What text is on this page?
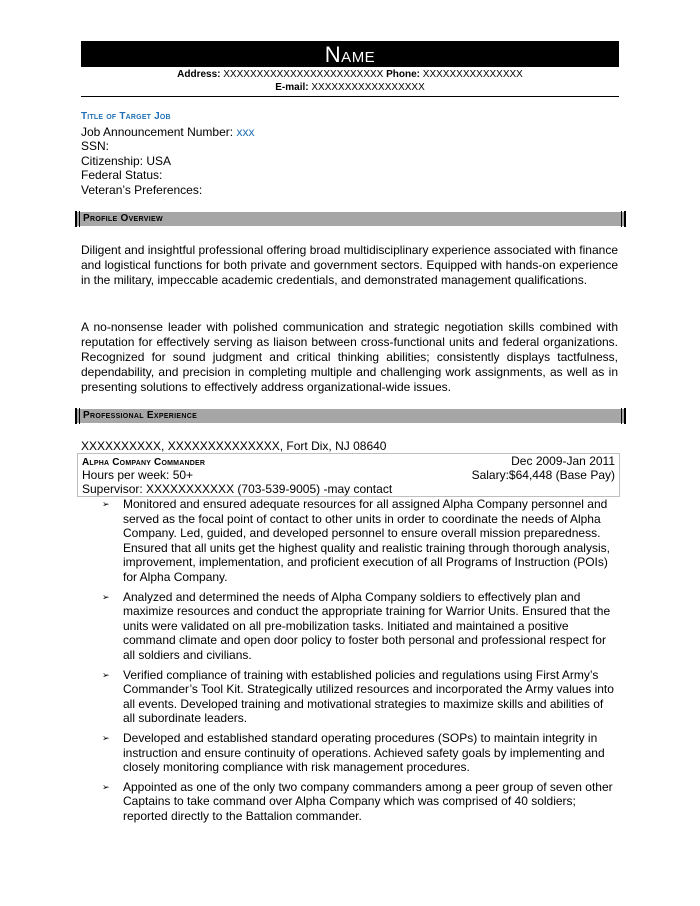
Name
Address: XXXXXXXXXXXXXXXXXXXXXXXX Phone: XXXXXXXXXXXXXXX
E-mail: XXXXXXXXXXXXXXXXX
Title of Target Job
Job Announcement Number: xxx
SSN:
Citizenship: USA
Federal Status:
Veteran’s Preferences:
Profile Overview
Diligent and insightful professional offering broad multidisciplinary experience associated with finance and logistical functions for both private and government sectors. Equipped with hands-on experience in the military, impeccable academic credentials, and demonstrated management qualifications.
A no-nonsense leader with polished communication and strategic negotiation skills combined with reputation for effectively serving as liaison between cross-functional units and federal organizations. Recognized for sound judgment and critical thinking abilities; consistently displays tactfulness, dependability, and precision in completing multiple and challenging work assignments, as well as in presenting solutions to effectively address organizational-wide issues.
Professional Experience
XXXXXXXXXX, XXXXXXXXXXXXXX, Fort Dix, NJ 08640
Alpha Company Commander	Dec 2009-Jan 2011
Hours per week: 50+	Salary:$64,448 (Base Pay)
Supervisor: XXXXXXXXXXX (703-539-9005) -may contact
➢ Monitored and ensured adequate resources for all assigned Alpha Company personnel and served as the focal point of contact to other units in order to coordinate the needs of Alpha Company. Led, guided, and developed personnel to ensure overall mission preparedness. Ensured that all units get the highest quality and realistic training through thorough analysis, improvement, implementation, and proficient execution of all Programs of Instruction (POIs) for Alpha Company.
➢ Analyzed and determined the needs of Alpha Company soldiers to effectively plan and maximize resources and conduct the appropriate training for Warrior Units. Ensured that the units were validated on all pre-mobilization tasks. Initiated and maintained a positive command climate and open door policy to foster both personal and professional respect for all soldiers and civilians.
➢ Verified compliance of training with established policies and regulations using First Army’s Commander’s Tool Kit. Strategically utilized resources and incorporated the Army values into all events. Developed training and motivational strategies to maximize skills and abilities of all subordinate leaders.
➢ Developed and established standard operating procedures (SOPs) to maintain integrity in instruction and ensure continuity of operations. Achieved safety goals by implementing and closely monitoring compliance with risk management procedures.
➢ Appointed as one of the only two company commanders among a peer group of seven other Captains to take command over Alpha Company which was comprised of 40 soldiers; reported directly to the Battalion commander.
